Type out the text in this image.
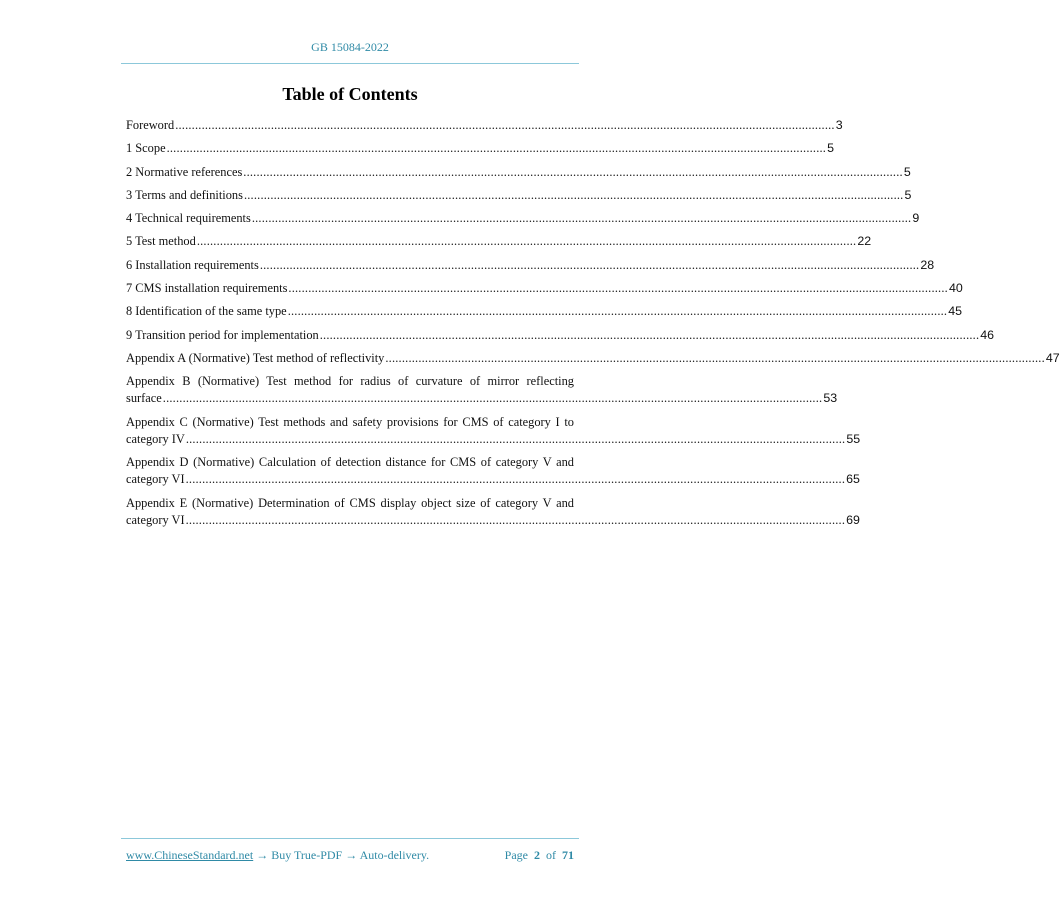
GB 15084-2022
Table of Contents
Foreword ........................................................................................................................................................................................................ 3
1 Scope ........................................................................................................................................................................................................ 5
2 Normative references ........................................................................................................................................................................................................ 5
3 Terms and definitions ........................................................................................................................................................................................................ 5
4 Technical requirements ........................................................................................................................................................................................................ 9
5 Test method ........................................................................................................................................................................................................ 22
6 Installation requirements ........................................................................................................................................................................................................ 28
7 CMS installation requirements ........................................................................................................................................................................................................ 40
8 Identification of the same type ........................................................................................................................................................................................................ 45
9 Transition period for implementation ........................................................................................................................................................................................................ 46
Appendix A (Normative) Test method of reflectivity ........................................................................................................................................................................................................ 47
Appendix B (Normative) Test method for radius of curvature of mirror reflecting
surface ........................................................................................................................................................................................................ 53
Appendix C (Normative) Test methods and safety provisions for CMS of category I to
category IV ........................................................................................................................................................................................................ 55
Appendix D (Normative) Calculation of detection distance for CMS of category V and
category VI ........................................................................................................................................................................................................ 65
Appendix E (Normative) Determination of CMS display object size of category V and
category VI ........................................................................................................................................................................................................ 69
www.ChineseStandard.net → Buy True-PDF → Auto-delivery.	Page 2 of 71
